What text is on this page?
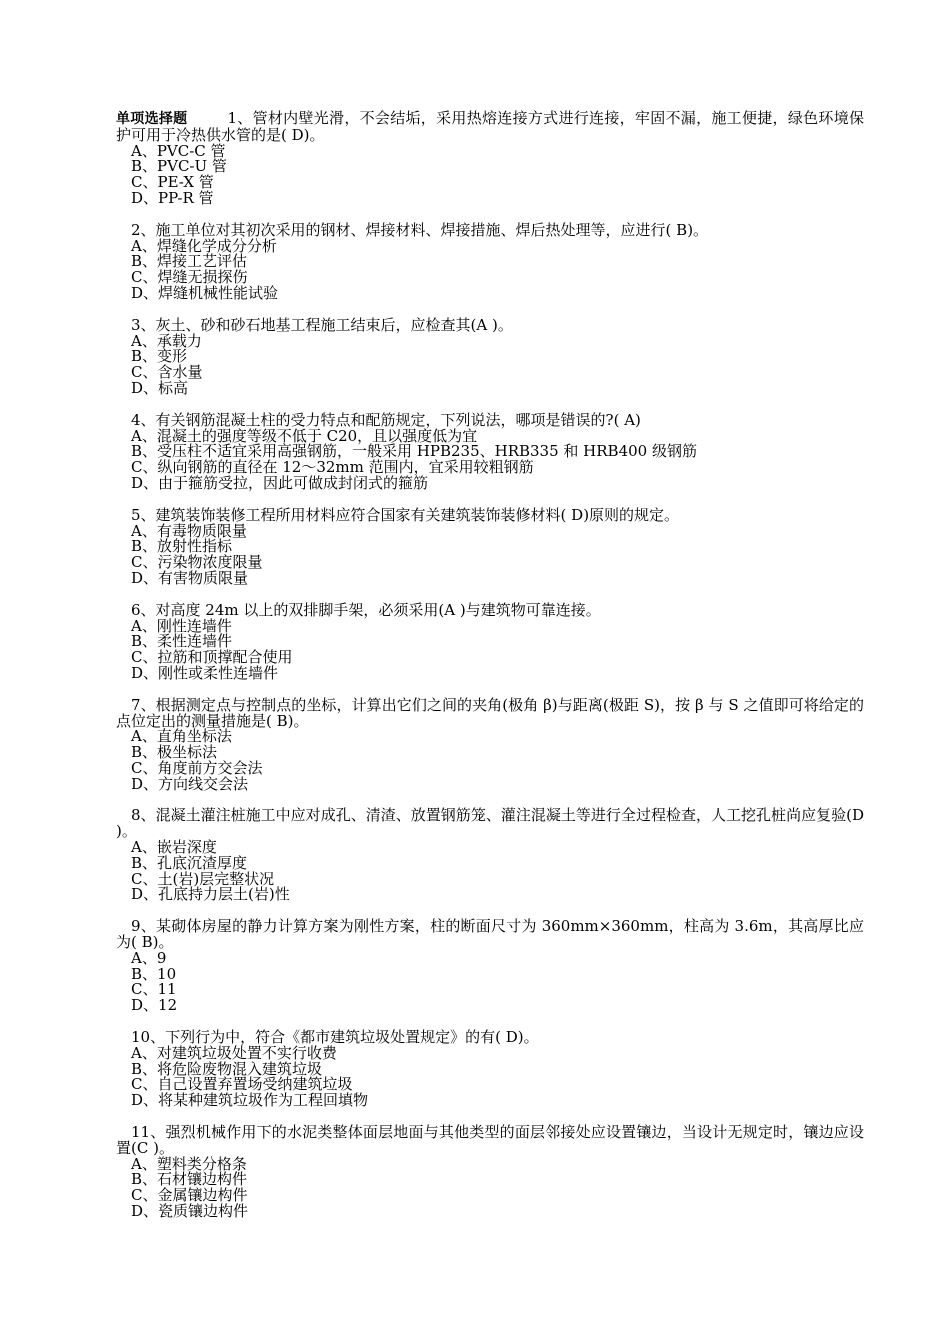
单项选择题	1、管材内壁光滑，不会结垢，采用热熔连接方式进行连接，牢固不漏，施工便捷，绿色环境保护可用于冷热供水管的是( D)。

A、PVC-C 管
B、PVC-U 管
C、PE-X 管
D、PP-R 管

2、施工单位对其初次采用的钢材、焊接材料、焊接措施、焊后热处理等，应进行( B)。

A、焊缝化学成分分析
B、焊接工艺评估
C、焊缝无损探伤
D、焊缝机械性能试验

3、灰土、砂和砂石地基工程施工结束后，应检查其(A )。

A、承载力
B、变形
C、含水量
D、标高

4、有关钢筋混凝土柱的受力特点和配筋规定，下列说法，哪项是错误的?( A)

A、混凝土的强度等级不低于 C20，且以强度低为宜
B、受压柱不适宜采用高强钢筋，一般采用 HPB235、HRB335 和 HRB400 级钢筋
C、纵向钢筋的直径在 12～32mm 范围内，宜采用较粗钢筋
D、由于箍筋受拉，因此可做成封闭式的箍筋

5、建筑装饰装修工程所用材料应符合国家有关建筑装饰装修材料( D)原则的规定。

A、有毒物质限量
B、放射性指标
C、污染物浓度限量
D、有害物质限量

6、对高度 24m 以上的双排脚手架，必须采用(A )与建筑物可靠连接。

A、刚性连墙件
B、柔性连墙件
C、拉筋和顶撑配合使用
D、刚性或柔性连墙件

7、根据测定点与控制点的坐标，计算出它们之间的夹角(极角 β)与距离(极距 S)，按 β 与 S 之值即可将给定的点位定出的测量措施是( B)。

A、直角坐标法
B、极坐标法
C、角度前方交会法
D、方向线交会法

8、混凝土灌注桩施工中应对成孔、清渣、放置钢筋笼、灌注混凝土等进行全过程检查，人工挖孔桩尚应复验(D )。

A、嵌岩深度
B、孔底沉渣厚度
C、土(岩)层完整状况
D、孔底持力层土(岩)性

9、某砌体房屋的静力计算方案为刚性方案，柱的断面尺寸为 360mm×360mm，柱高为 3.6m，其高厚比应为( B)。

A、9
B、10
C、11
D、12

10、下列行为中，符合《都市建筑垃圾处置规定》的有( D)。

A、对建筑垃圾处置不实行收费
B、将危险废物混入建筑垃圾
C、自己设置弃置场受纳建筑垃圾
D、将某种建筑垃圾作为工程回填物

11、强烈机械作用下的水泥类整体面层地面与其他类型的面层邻接处应设置镶边，当设计无规定时，镶边应设置(C )。

A、塑料类分格条
B、石材镶边构件
C、金属镶边构件
D、瓷质镶边构件
